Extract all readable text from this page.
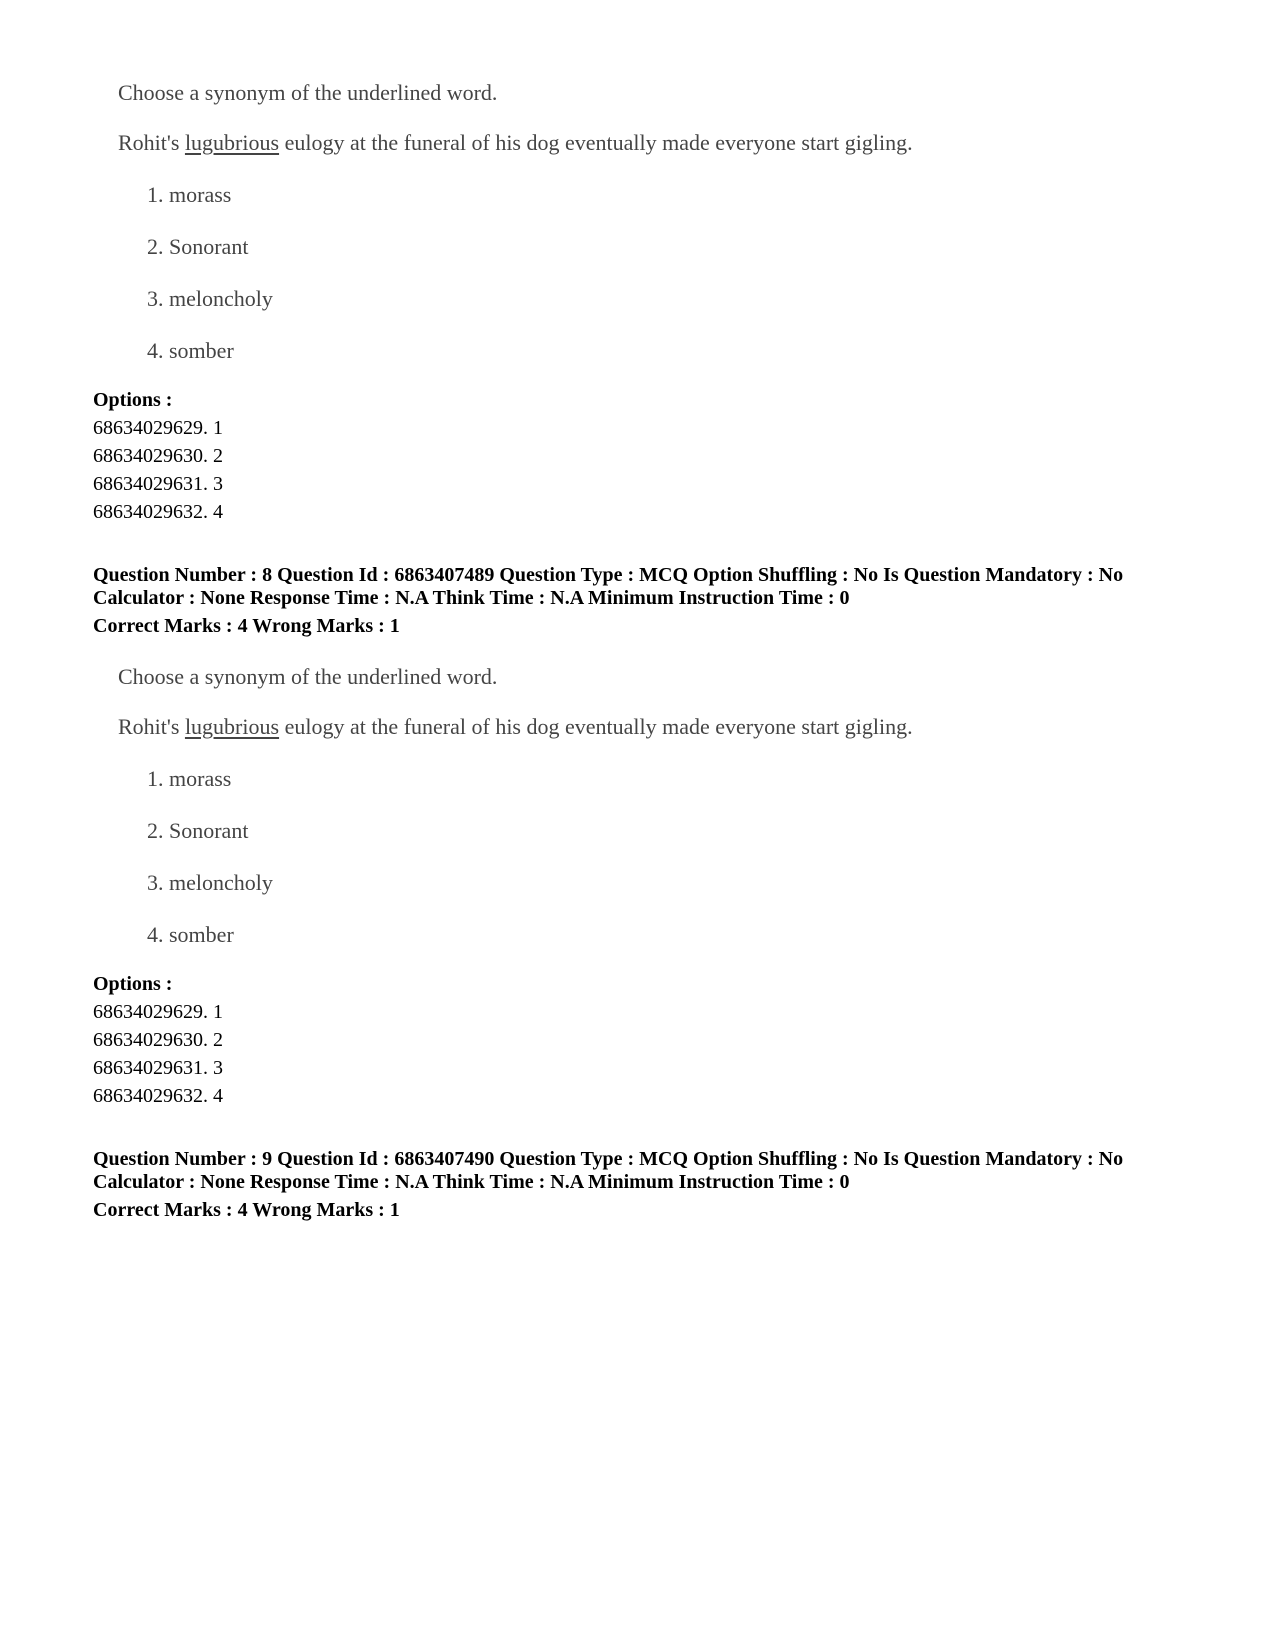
Choose a synonym of the underlined word.
Rohit's lugubrious eulogy at the funeral of his dog eventually made everyone start gigling.
1. morass
2. Sonorant
3. meloncholy
4. somber
Options :
68634029629. 1
68634029630. 2
68634029631. 3
68634029632. 4
Question Number : 8 Question Id : 6863407489 Question Type : MCQ Option Shuffling : No Is Question Mandatory : No
Calculator : None Response Time : N.A Think Time : N.A Minimum Instruction Time : 0
Correct Marks : 4 Wrong Marks : 1
Choose a synonym of the underlined word.
Rohit's lugubrious eulogy at the funeral of his dog eventually made everyone start gigling.
1. morass
2. Sonorant
3. meloncholy
4. somber
Options :
68634029629. 1
68634029630. 2
68634029631. 3
68634029632. 4
Question Number : 9 Question Id : 6863407490 Question Type : MCQ Option Shuffling : No Is Question Mandatory : No
Calculator : None Response Time : N.A Think Time : N.A Minimum Instruction Time : 0
Correct Marks : 4 Wrong Marks : 1
